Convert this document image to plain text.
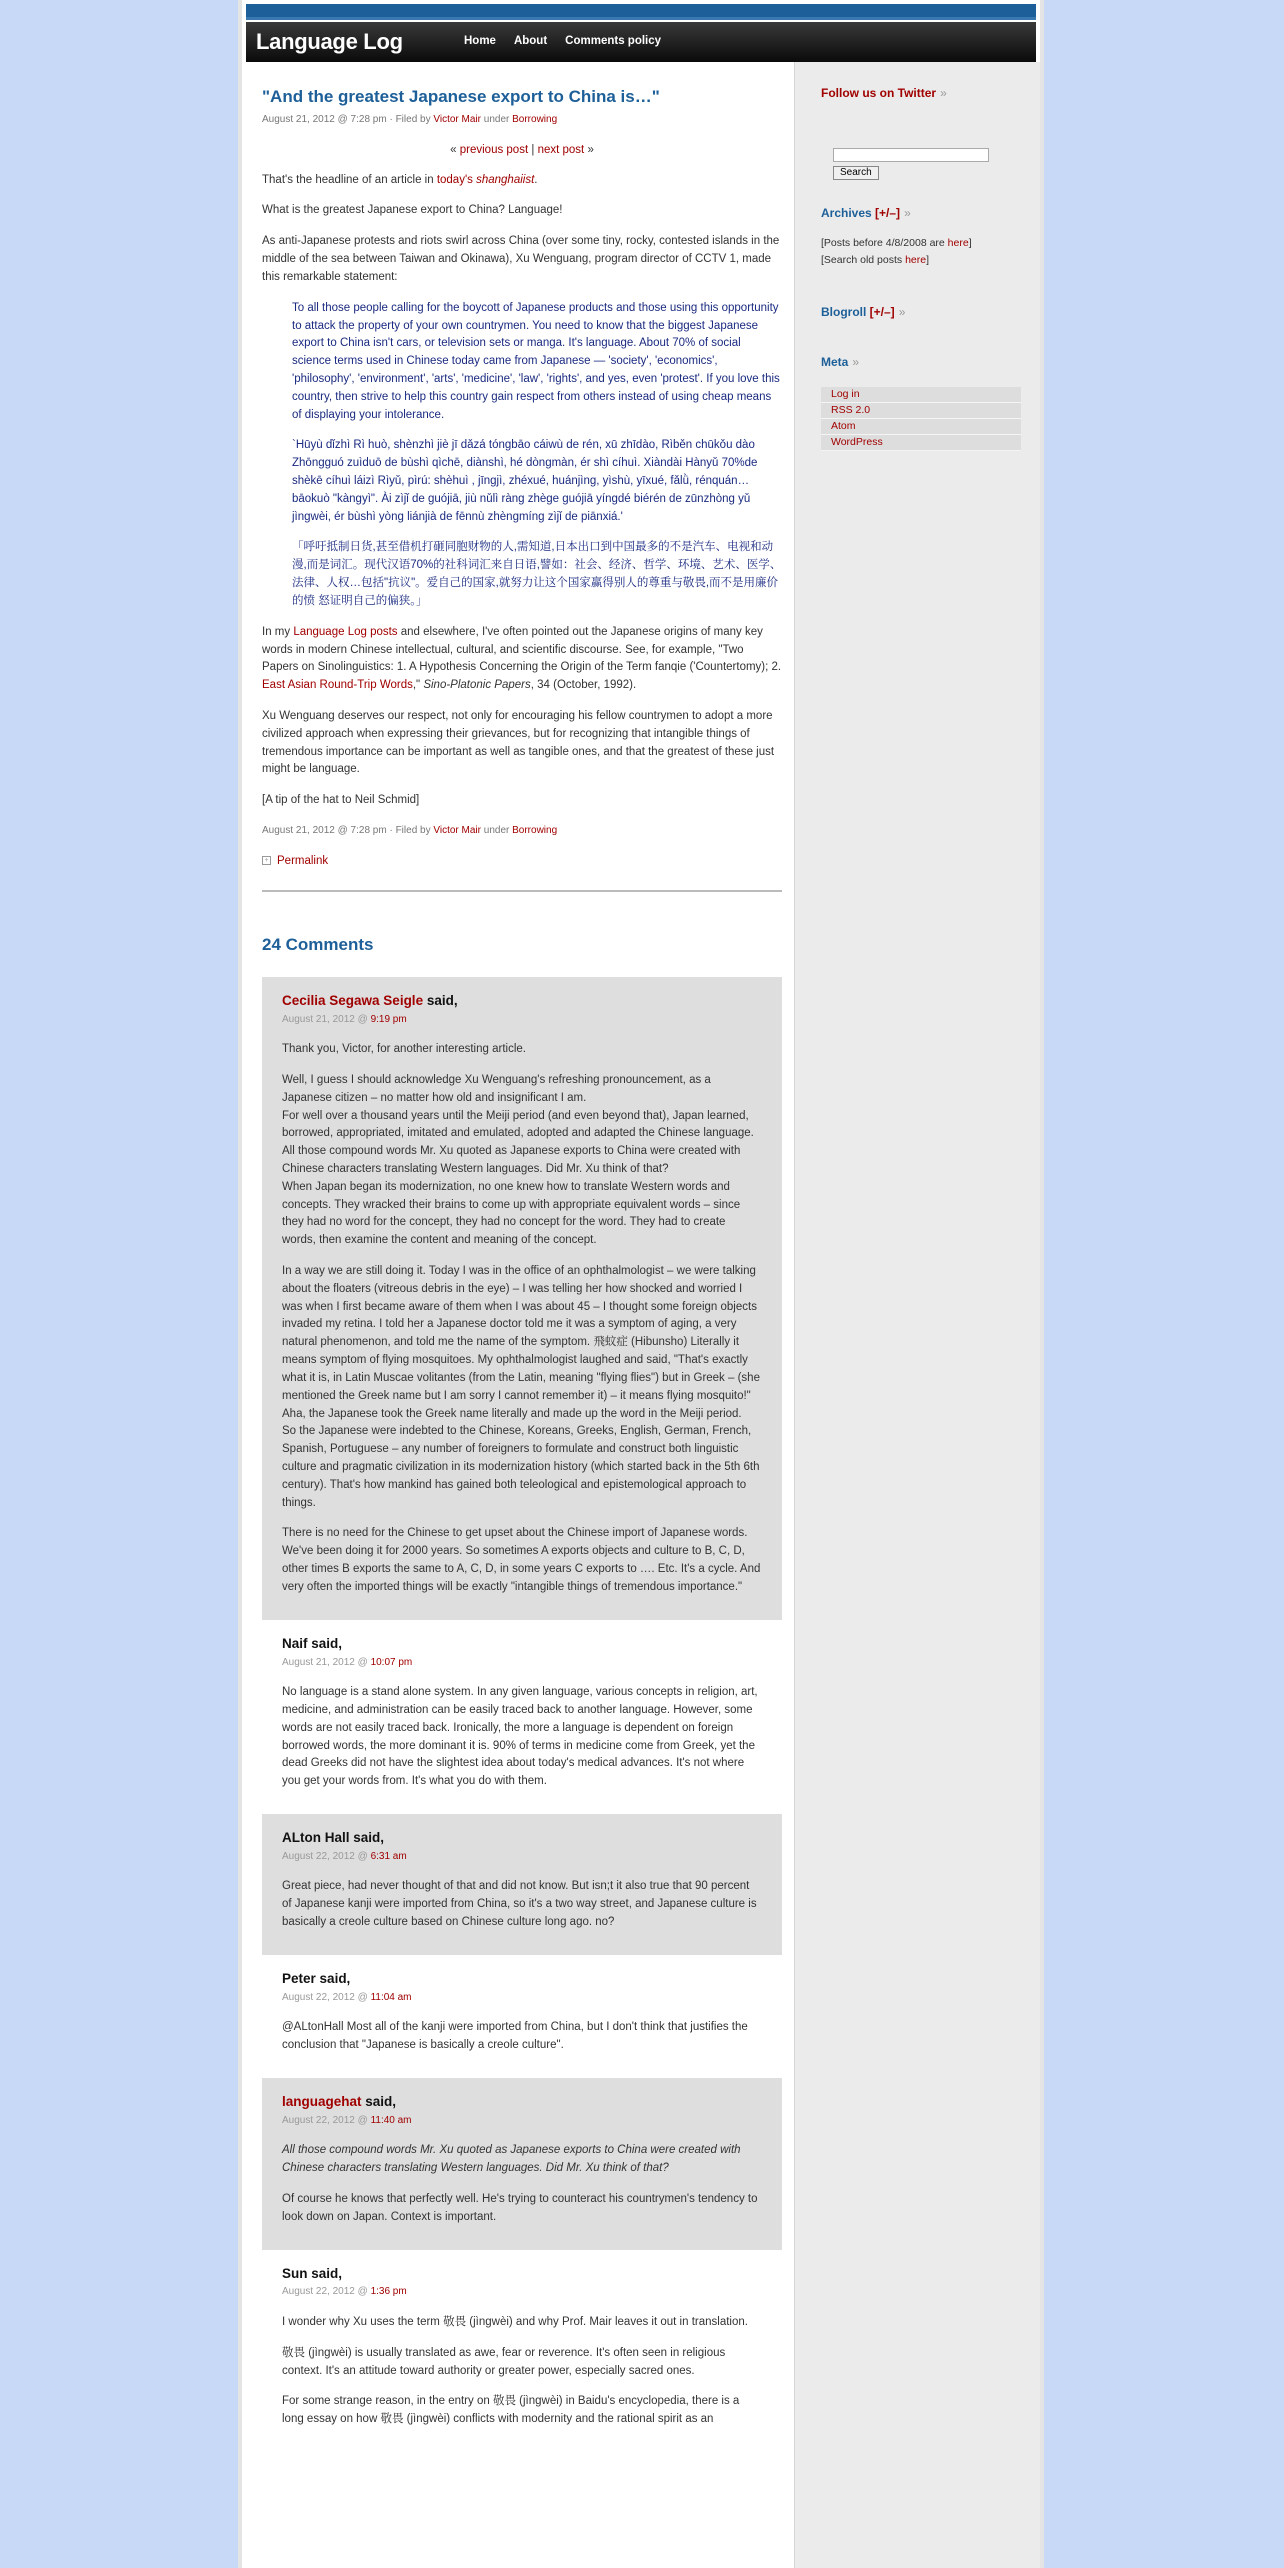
Language Log	Home About Comments policy
"And the greatest Japanese export to China is…"
August 21, 2012 @ 7:28 pm · Filed by Victor Mair under Borrowing
« previous post | next post »

That's the headline of an article in today's shanghaiist.

What is the greatest Japanese export to China? Language!

As anti-Japanese protests and riots swirl across China (over some tiny, rocky, contested islands in the middle of the sea between Taiwan and Okinawa), Xu Wenguang, program director of CCTV 1, made this remarkable statement:

To all those people calling for the boycott of Japanese products and those using this opportunity to attack the property of your own countrymen. You need to know that the biggest Japanese export to China isn't cars, or television sets or manga. It's language. About 70% of social science terms used in Chinese today came from Japanese — 'society', 'economics', 'philosophy', 'environment', 'arts', 'medicine', 'law', 'rights', and yes, even 'protest'. If you love this country, then strive to help this country gain respect from others instead of using cheap means of displaying your intolerance.

`Hūyù dǐzhì Rì huò, shènzhì jiè jī dǎzá tóngbāo cáiwù de rén, xū zhīdào, Rìběn chūkǒu dào Zhōngguó zuìduō de bùshì qìchē, diànshì, hé dòngmàn, ér shì cíhuì. Xiàndài Hànyǔ 70%de shèkē cíhuì láizì Rìyǔ, pìrú: shèhuì , jīngjì, zhéxué, huánjìng, yìshù, yīxué, fǎlǜ, rénquán…bāokuò "kàngyì". Ài zìjǐ de guójiā, jiù nǔlì ràng zhège guójiā yíngdé biérén de zūnzhòng yǔ jìngwèi, ér bùshì yòng liánjià de fēnnù zhèngmíng zìjǐ de piānxiá.'

「呼吁抵制日货,甚至借机打砸同胞财物的人,需知道,日本出口到中国最多的不是汽车、电视和动漫,而是词汇。现代汉语70%的社科词汇来自日语,譬如：社会、经济、哲学、环境、艺术、医学、法律、人权…包括"抗议"。爱自己的国家,就努力让这个国家赢得别人的尊重与敬畏,而不是用廉价的愤 怒证明自己的偏狭。」

In my Language Log posts and elsewhere, I've often pointed out the Japanese origins of many key words in modern Chinese intellectual, cultural, and scientific discourse. See, for example, "Two Papers on Sinolinguistics: 1. A Hypothesis Concerning the Origin of the Term fanqie ('Countertomy); 2. East Asian Round-Trip Words," Sino-Platonic Papers, 34 (October, 1992).

Xu Wenguang deserves our respect, not only for encouraging his fellow countrymen to adopt a more civilized approach when expressing their grievances, but for recognizing that intangible things of tremendous importance can be important as well as tangible ones, and that the greatest of these just might be language.

[A tip of the hat to Neil Schmid]

August 21, 2012 @ 7:28 pm · Filed by Victor Mair under Borrowing
+ Permalink
24 Comments
Cecilia Segawa Seigle said,
August 21, 2012 @ 9:19 pm

Thank you, Victor, for another interesting article.

Well, I guess I should acknowledge Xu Wenguang's refreshing pronouncement, as a Japanese citizen – no matter how old and insignificant I am.
For well over a thousand years until the Meiji period (and even beyond that), Japan learned, borrowed, appropriated, imitated and emulated, adopted and adapted the Chinese language. All those compound words Mr. Xu quoted as Japanese exports to China were created with Chinese characters translating Western languages. Did Mr. Xu think of that?
When Japan began its modernization, no one knew how to translate Western words and concepts. They wracked their brains to come up with appropriate equivalent words – since they had no word for the concept, they had no concept for the word. They had to create words, then examine the content and meaning of the concept.

In a way we are still doing it. Today I was in the office of an ophthalmologist – we were talking about the floaters (vitreous debris in the eye) – I was telling her how shocked and worried I was when I first became aware of them when I was about 45 – I thought some foreign objects invaded my retina. I told her a Japanese doctor told me it was a symptom of aging, a very natural phenomenon, and told me the name of the symptom. 飛蚊症 (Hibunsho) Literally it means symptom of flying mosquitoes. My ophthalmologist laughed and said, "That's exactly what it is, in Latin Muscae volitantes (from the Latin, meaning "flying flies") but in Greek – (she mentioned the Greek name but I am sorry I cannot remember it) – it means flying mosquito!"
Aha, the Japanese took the Greek name literally and made up the word in the Meiji period.
So the Japanese were indebted to the Chinese, Koreans, Greeks, English, German, French, Spanish, Portuguese – any number of foreigners to formulate and construct both linguistic culture and pragmatic civilization in its modernization history (which started back in the 5th 6th century). That's how mankind has gained both teleological and epistemological approach to things.

There is no need for the Chinese to get upset about the Chinese import of Japanese words. We've been doing it for 2000 years. So sometimes A exports objects and culture to B, C, D, other times B exports the same to A, C, D, in some years C exports to …. Etc. It's a cycle. And very often the imported things will be exactly "intangible things of tremendous importance."

Naif said,
August 21, 2012 @ 10:07 pm

No language is a stand alone system. In any given language, various concepts in religion, art, medicine, and administration can be easily traced back to another language. However, some words are not easily traced back. Ironically, the more a language is dependent on foreign borrowed words, the more dominant it is. 90% of terms in medicine come from Greek, yet the dead Greeks did not have the slightest idea about today's medical advances. It's not where you get your words from. It's what you do with them.

ALton Hall said,
August 22, 2012 @ 6:31 am

Great piece, had never thought of that and did not know. But isn;t it also true that 90 percent of Japanese kanji were imported from China, so it's a two way street, and Japanese culture is basically a creole culture based on Chinese culture long ago. no?

Peter said,
August 22, 2012 @ 11:04 am

@ALtonHall Most all of the kanji were imported from China, but I don't think that justifies the conclusion that "Japanese is basically a creole culture".

languagehat said,
August 22, 2012 @ 11:40 am

All those compound words Mr. Xu quoted as Japanese exports to China were created with Chinese characters translating Western languages. Did Mr. Xu think of that?

Of course he knows that perfectly well. He's trying to counteract his countrymen's tendency to look down on Japan. Context is important.

Sun said,
August 22, 2012 @ 1:36 pm

I wonder why Xu uses the term 敬畏 (jìngwèi) and why Prof. Mair leaves it out in translation.

敬畏 (jìngwèi) is usually translated as awe, fear or reverence. It's often seen in religious context. It's an attitude toward authority or greater power, especially sacred ones.

For some strange reason, in the entry on 敬畏 (jìngwèi) in Baidu's encyclopedia, there is a long essay on how 敬畏 (jìngwèi) conflicts with modernity and the rational spirit as an

Follow us on Twitter »
Search
Archives [+/–] »
[Posts before 4/8/2008 are here]
[Search old posts here]
Blogroll [+/–] »
Meta »
Log in
RSS 2.0
Atom
WordPress
